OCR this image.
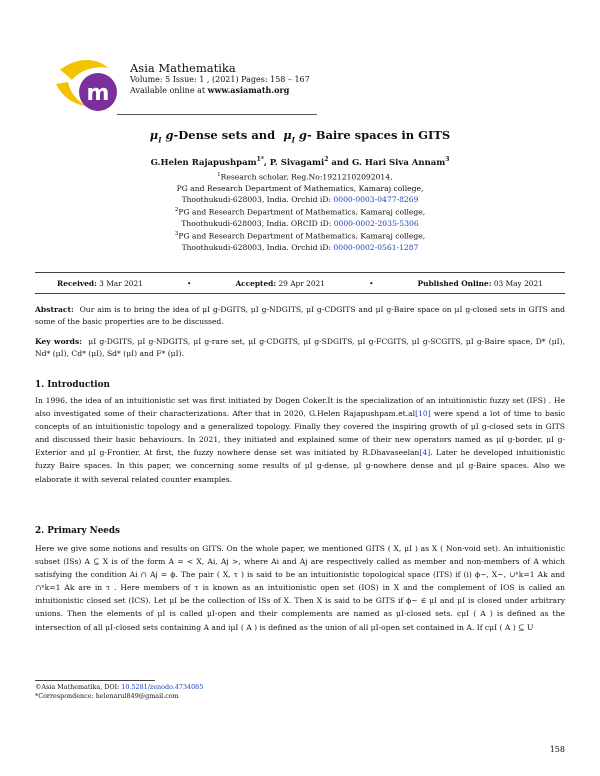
m
Asia Mathematika
Volume: 5 Issue: 1 , (2021) Pages: 158 – 167
Available online at www.asiamath.org
$\mu_I$ g-Dense sets and  $\mu_I$ g- Baire spaces in GITS
G.Helen Rajapushpam$^{1*}$, P. Sivagami$^2$ and G. Hari Siva Annam$^3$
$^1$Research scholar, Reg.No:19212102092014,
PG and Research Department of Mathematics, Kamaraj college,
Thoothukudi-628003, India. Orchid iD: 0000-0003-0477-8269
$^2$PG and Research Department of Mathematics, Kamaraj college,
Thoothukudi-628003, India. ORCID iD: 0000-0002-2035-5306
$^3$PG and Research Department of Mathematics, Kamaraj college,
Thoothukudi-628003, India. Orchid iD: 0000-0002-0561-1287
Received: 3 Mar 2021	•	Accepted: 29 Apr 2021	•	Published Online: 03 May 2021
Abstract: Our aim is to bring the idea of μI g-DGITS, μI g-NDGITS, μI g-CDGITS and μI g-Baire space on μI g-closed sets in GITS and some of the basic properties are to be discussed.
Key words: μI g-DGITS, μI g-NDGITS, μI g-rare set, μI g-CDGITS, μI g-SDGITS, μI g-FCGITS, μI g-SCGITS, μI g-Baire space, D* (μI), Nd* (μI), Cd* (μI), Sd* (μI) and F* (μI).
1. Introduction
In 1996, the idea of an intuitionistic set was first initiated by Dogen Coker.It is the specialization of an intuitionistic fuzzy set (IFS) . He also investigated some of their characterizations. After that in 2020, G.Helen Rajapushpam.et.al[10] were spend a lot of time to basic concepts of an intuitionistic topology and a generalized topology. Finally they covered the inspiring growth of μI g-closed sets in GITS and discussed their basic behaviours. In 2021, they initiated and explained some of their new operators named as μI g-border, μI g-Exterior and μI g-Frontier. At first, the fuzzy nowhere dense set was initiated by R.Dhavaseelan[4]. Later he developed intuitionistic fuzzy Baire spaces. In this paper, we concerning some results of μI g-dense, μI g-nowhere dense and μI g-Baire spaces. Also we elaborate it with several related counter examples.
2. Primary Needs
Here we give some notions and results on GITS. On the whole paper, we mentioned GITS ( X, μI ) as X ( Non-void set). An intuitionistic subset (ISs) A ⊆ X is of the form A = < X, Ai, Aj >, where Ai and Aj are respectively called as member and non-members of A which satisfying the condition Ai ∩ Aj = ϕ. The pair ( X, τ ) is said to be an intuitionistic topological space (ITS) if (i) ϕ∼, X∼, ∪ⁿk=1 Ak and ∩ⁿk=1 Ak are in τ . Here members of τ is known as an intuitionistic open set (IOS) in X and the complement of IOS is called an intuitionistic closed set (ICS). Let μI be the collection of ISs of X. Then X is said to be GITS if ϕ∼ ∈ μI and μI is closed under arbitrary unions. Then the elements of μI is called μI-open and their complements are named as μI-closed sets. cμI ( A ) is defined as the intersection of all μI-closed sets containing A and iμI ( A ) is defined as the union of all μI-open set contained in A. If cμI ( A ) ⊆ U
©Asia Mathematika, DOI: 10.5281/zenodo.4734085
*Correspondence: helenarul849@gmail.com
158
